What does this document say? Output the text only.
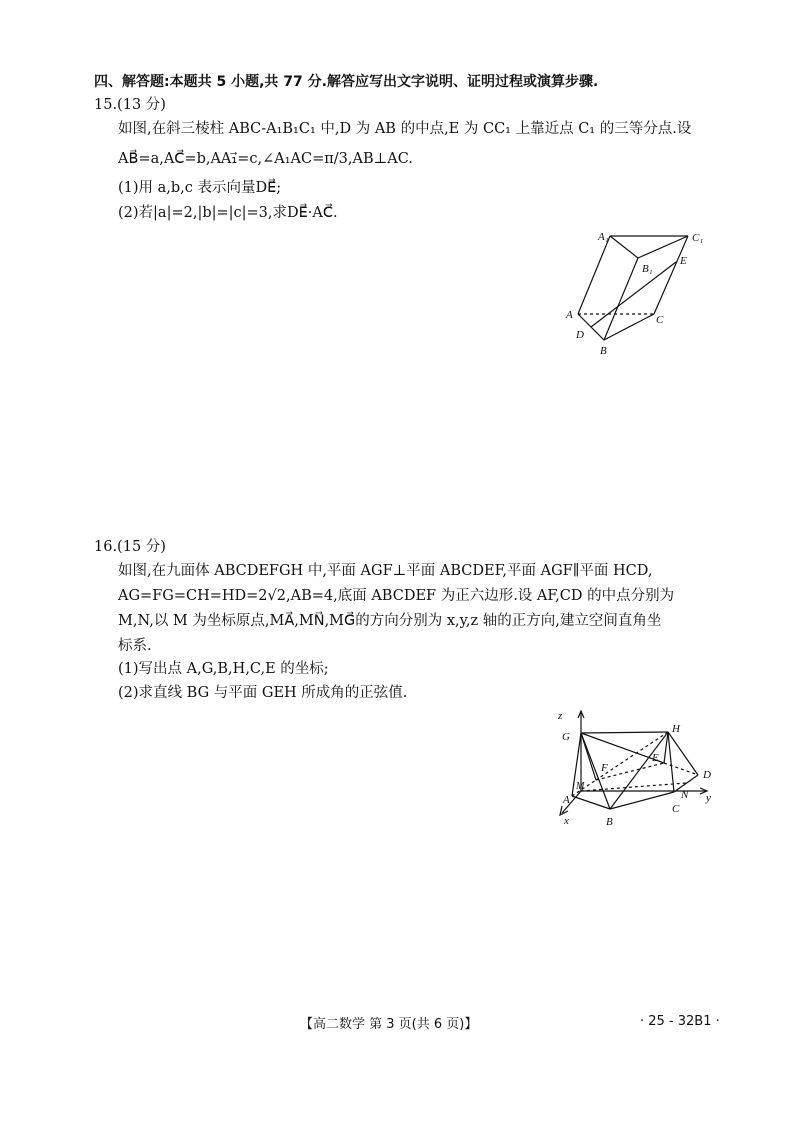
四、解答题:本题共 5 小题,共 77 分.解答应写出文字说明、证明过程或演算步骤.
15.(13 分)
如图,在斜三棱柱 ABC-A₁B₁C₁ 中,D 为 AB 的中点,E 为 CC₁ 上靠近点 C₁ 的三等分点.设
AB⃗=a,AC⃗=b,AA₁⃗=c,∠A₁AC=π/3,AB⊥AC.
(1)用 a,b,c 表示向量DE⃗;
(2)若|a|=2,|b|=|c|=3,求DE⃗·AC⃗.
A₁	C₁
B₁
E
A	C
D
B
16.(15 分)
如图,在九面体 ABCDEFGH 中,平面 AGF⊥平面 ABCDEF,平面 AGF∥平面 HCD,
AG=FG=CH=HD=2√2,AB=4,底面 ABCDEF 为正六边形.设 AF,CD 的中点分别为
M,N,以 M 为坐标原点,MA⃗,MN⃗,MG⃗的方向分别为 x,y,z 轴的正方向,建立空间直角坐
标系.
(1)写出点 A,G,B,H,C,E 的坐标;
(2)求直线 BG 与平面 GEH 所成角的正弦值.
z
G
H
F
E
D
M
y
A	N
C
x	B
【高二数学 第 3 页(共 6 页)】	· 25 - 32B1 ·
